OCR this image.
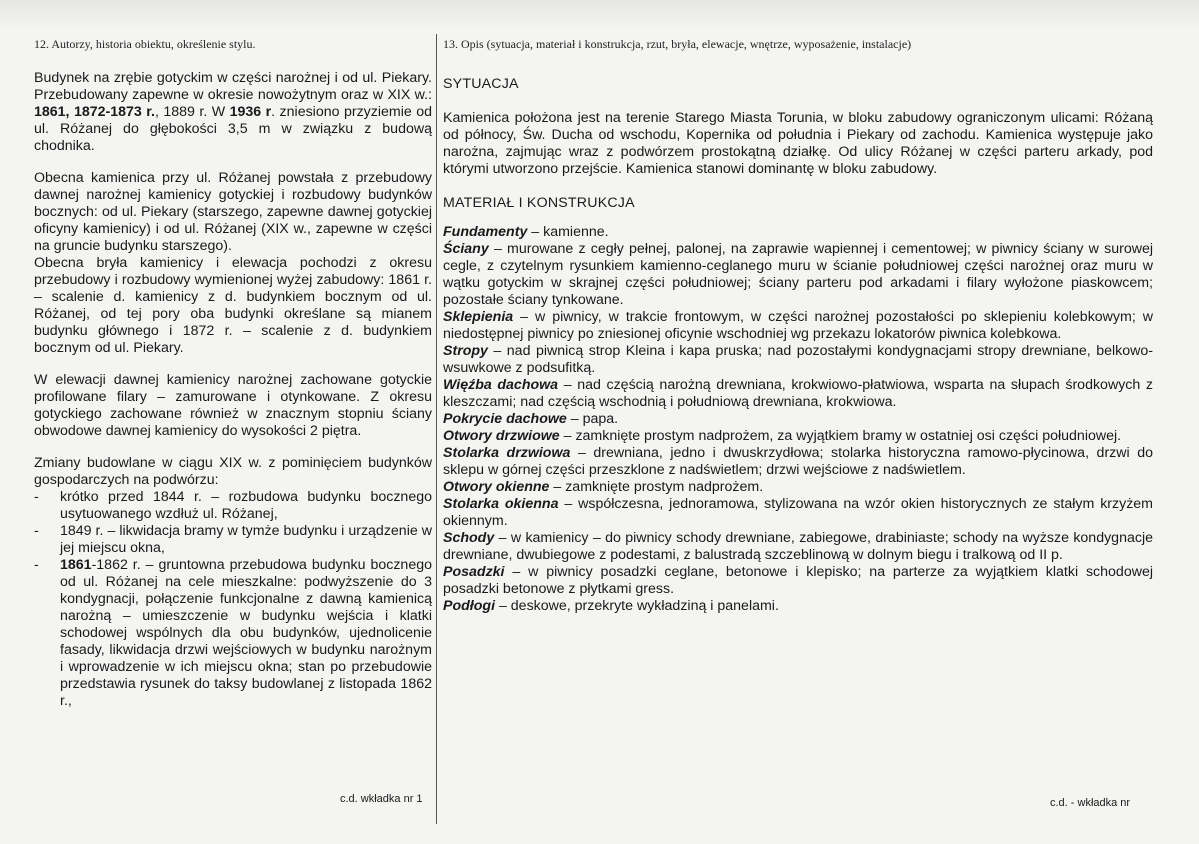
12. Autorzy, historia obiektu, określenie stylu.

Budynek na zrębie gotyckim w części narożnej i od ul. Piekary. Przebudowany zapewne w okresie nowożytnym oraz w XIX w.: 1861, 1872-1873 r., 1889 r. W 1936 r. zniesiono przyziemie od ul. Różanej do głębokości 3,5 m w związku z budową chodnika.

Obecna kamienica przy ul. Różanej powstała z przebudowy dawnej narożnej kamienicy gotyckiej i rozbudowy budynków bocznych: od ul. Piekary (starszego, zapewne dawnej gotyckiej oficyny kamienicy) i od ul. Różanej (XIX w., zapewne w części na gruncie budynku starszego).

Obecna bryła kamienicy i elewacja pochodzi z okresu przebudowy i rozbudowy wymienionej wyżej zabudowy: 1861 r. – scalenie d. kamienicy z d. budynkiem bocznym od ul. Różanej, od tej pory oba budynki określane są mianem budynku głównego i 1872 r. – scalenie z d. budynkiem bocznym od ul. Piekary.

W elewacji dawnej kamienicy narożnej zachowane gotyckie profilowane filary – zamurowane i otynkowane. Z okresu gotyckiego zachowane również w znacznym stopniu ściany obwodowe dawnej kamienicy do wysokości 2 piętra.

Zmiany budowlane w ciągu XIX w. z pominięciem budynków gospodarczych na podwórzu:

- krótko przed 1844 r. – rozbudowa budynku bocznego usytuowanego wzdłuż ul. Różanej,
- 1849 r. – likwidacja bramy w tymże budynku i urządzenie w jej miejscu okna,
- 1861-1862 r. – gruntowna przebudowa budynku bocznego od ul. Różanej na cele mieszkalne: podwyższenie do 3 kondygnacji, połączenie funkcjonalne z dawną kamienicą narożną – umieszczenie w budynku wejścia i klatki schodowej wspólnych dla obu budynków, ujednolicenie fasady, likwidacja drzwi wejściowych w budynku narożnym i wprowadzenie w ich miejscu okna; stan po przebudowie przedstawia rysunek do taksy budowlanej z listopada 1862 r.,
c.d. wkładka nr 1

13. Opis (sytuacja, materiał i konstrukcja, rzut, bryła, elewacje, wnętrze, wyposażenie, instalacje)

SYTUACJA

Kamienica położona jest na terenie Starego Miasta Torunia, w bloku zabudowy ograniczonym ulicami: Różaną od północy, Św. Ducha od wschodu, Kopernika od południa i Piekary od zachodu. Kamienica występuje jako narożna, zajmując wraz z podwórzem prostokątną działkę. Od ulicy Różanej w części parteru arkady, pod którymi utworzono przejście. Kamienica stanowi dominantę w bloku zabudowy.

MATERIAŁ I KONSTRUKCJA

Fundamenty – kamienne.

Ściany – murowane z cegły pełnej, palonej, na zaprawie wapiennej i cementowej; w piwnicy ściany w surowej cegle, z czytelnym rysunkiem kamienno-ceglanego muru w ścianie południowej części narożnej oraz muru w wątku gotyckim w skrajnej części południowej; ściany parteru pod arkadami i filary wyłożone piaskowcem; pozostałe ściany tynkowane.

Sklepienia – w piwnicy, w trakcie frontowym, w części narożnej pozostałości po sklepieniu kolebkowym; w niedostępnej piwnicy po zniesionej oficynie wschodniej wg przekazu lokatorów piwnica kolebkowa.

Stropy – nad piwnicą strop Kleina i kapa pruska; nad pozostałymi kondygnacjami stropy drewniane, belkowo-wsuwkowe z podsufitką.

Więźba dachowa – nad częścią narożną drewniana, krokwiowo-płatwiowa, wsparta na słupach środkowych z kleszczami; nad częścią wschodnią i południową drewniana, krokwiowa.

Pokrycie dachowe – papa.

Otwory drzwiowe – zamknięte prostym nadprożem, za wyjątkiem bramy w ostatniej osi części południowej.

Stolarka drzwiowa – drewniana, jedno i dwuskrzydłowa; stolarka historyczna ramowo-płycinowa, drzwi do sklepu w górnej części przeszklone z nadświetlem; drzwi wejściowe z nadświetlem.

Otwory okienne – zamknięte prostym nadprożem.

Stolarka okienna – współczesna, jednoramowa, stylizowana na wzór okien historycznych ze stałym krzyżem okiennym.

Schody – w kamienicy – do piwnicy schody drewniane, zabiegowe, drabiniaste; schody na wyższe kondygnacje drewniane, dwubiegowe z podestami, z balustradą szczeblinową w dolnym biegu i tralkową od II p.

Posadzki – w piwnicy posadzki ceglane, betonowe i klepisko; na parterze za wyjątkiem klatki schodowej posadzki betonowe z płytkami gress.

Podłogi – deskowe, przekryte wykładziną i panelami.

c.d. - wkładka nr
